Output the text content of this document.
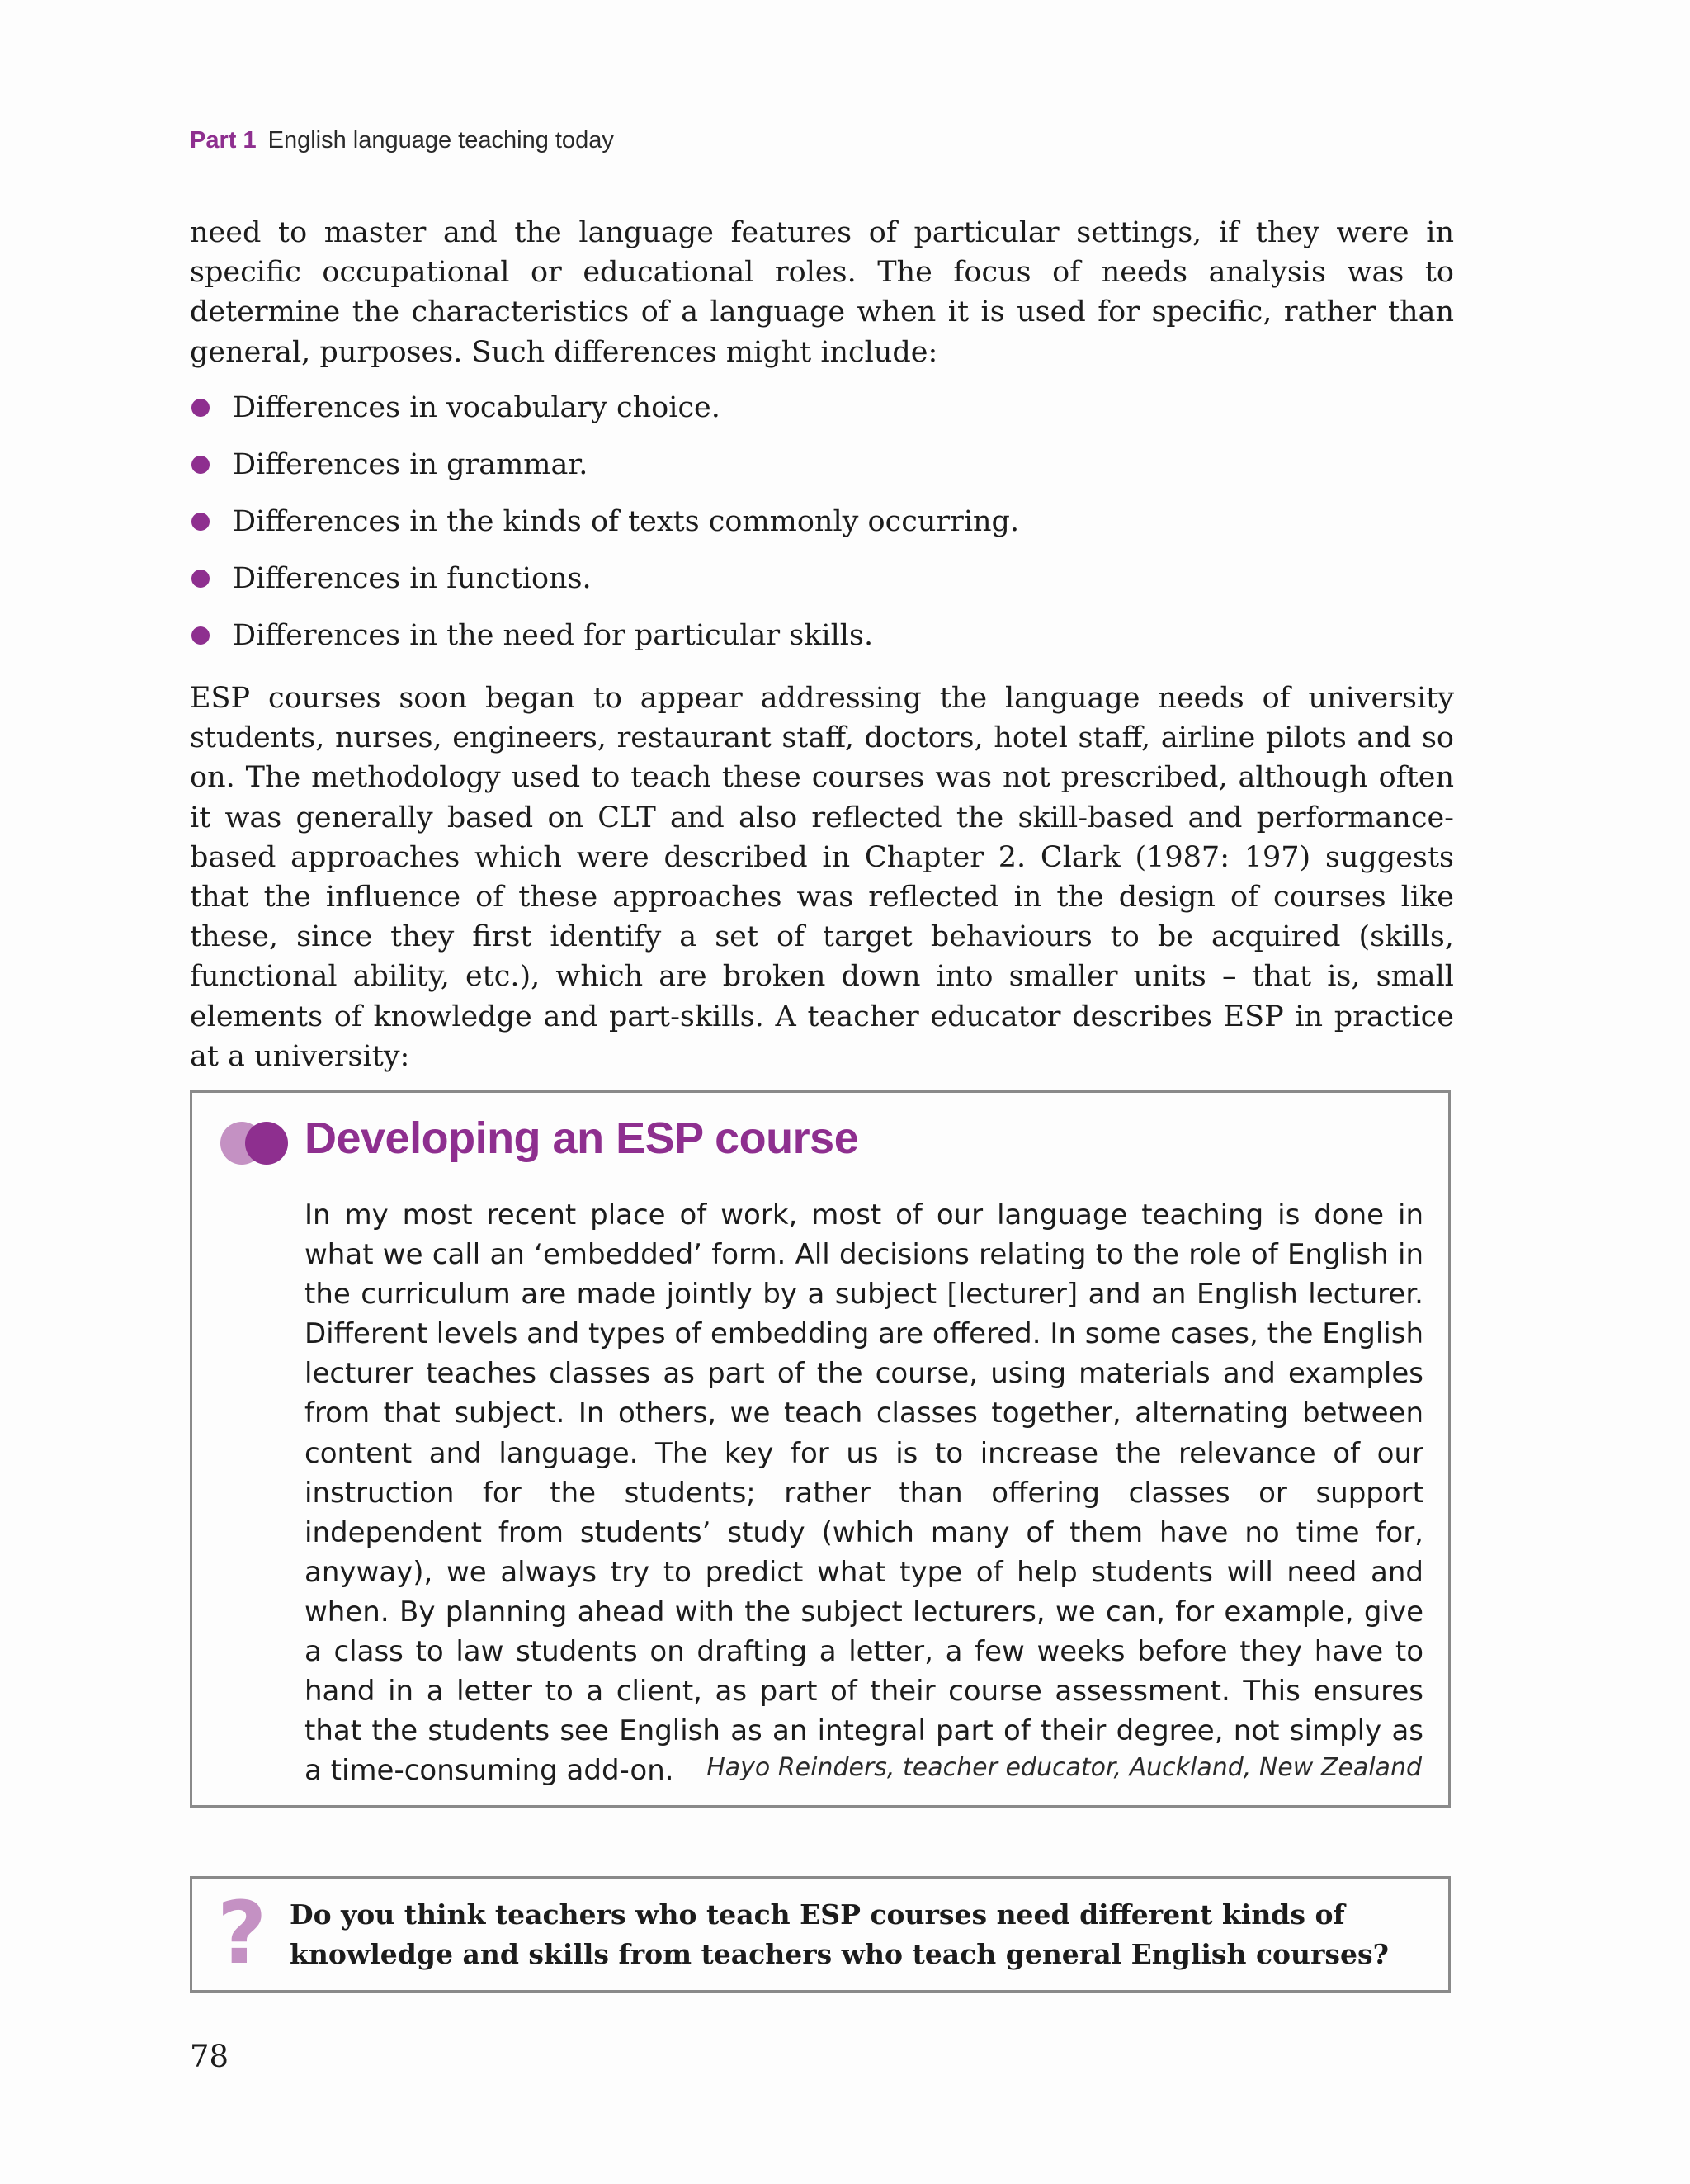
Part 1 English language teaching today

need to master and the language features of particular settings, if they were in specific occupational or educational roles. The focus of needs analysis was to determine the characteristics of a language when it is used for specific, rather than general, purposes. Such differences might include:

Differences in vocabulary choice.
Differences in grammar.
Differences in the kinds of texts commonly occurring.
Differences in functions.
Differences in the need for particular skills.

ESP courses soon began to appear addressing the language needs of university students, nurses, engineers, restaurant staff, doctors, hotel staff, airline pilots and so on. The methodology used to teach these courses was not prescribed, although often it was generally based on CLT and also reflected the skill-based and performance-based approaches which were described in Chapter 2. Clark (1987: 197) suggests that the influence of these approaches was reflected in the design of courses like these, since they first identify a set of target behaviours to be acquired (skills, functional ability, etc.), which are broken down into smaller units – that is, small elements of knowledge and part-skills. A teacher educator describes ESP in practice at a university:

Developing an ESP course

In my most recent place of work, most of our language teaching is done in what we call an ‘embedded’ form. All decisions relating to the role of English in the curriculum are made jointly by a subject [lecturer] and an English lecturer. Different levels and types of embedding are offered. In some cases, the English lecturer teaches classes as part of the course, using materials and examples from that subject. In others, we teach classes together, alternating between content and language. The key for us is to increase the relevance of our instruction for the students; rather than offering classes or support independent from students’ study (which many of them have no time for, anyway), we always try to predict what type of help students will need and when. By planning ahead with the subject lecturers, we can, for example, give a class to law students on drafting a letter, a few weeks before they have to hand in a letter to a client, as part of their course assessment. This ensures that the students see English as an integral part of their degree, not simply as a time-consuming add-on.	Hayo Reinders, teacher educator, Auckland, New Zealand
? Do you think teachers who teach ESP courses need different kinds of knowledge and skills from teachers who teach general English courses?
78
